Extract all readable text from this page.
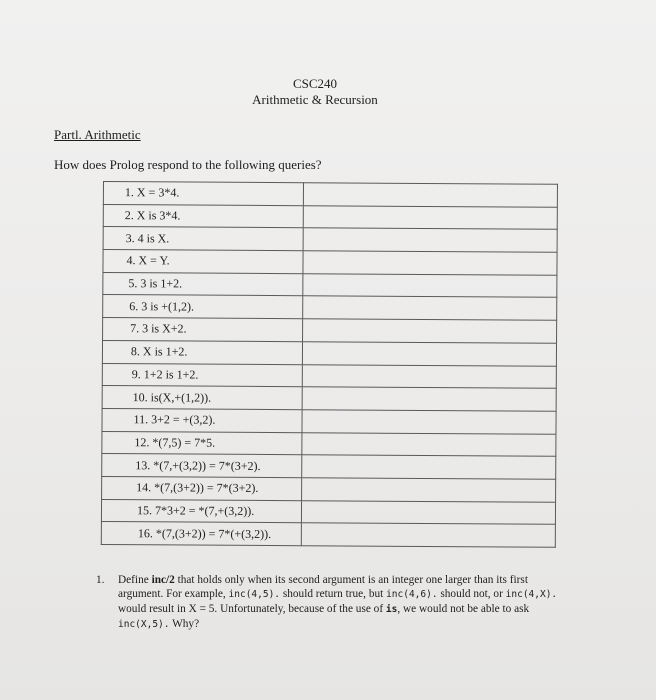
CSC240
Arithmetic & Recursion
Partl. Arithmetic
How does Prolog respond to the following queries?
1. X = 3*4.	

2. X is 3*4.	

3. 4 is X.	

4. X = Y.	

5. 3 is 1+2.	

6. 3 is +(1,2).	

7. 3 is X+2.	

8. X is 1+2.	

9. 1+2 is 1+2.	

10. is(X,+(1,2)).	

11. 3+2 = +(3,2).	

12. *(7,5) = 7*5.	

13. *(7,+(3,2)) = 7*(3+2).	

14. *(7,(3+2)) = 7*(3+2).	

15. 7*3+2 = *(7,+(3,2)).	

16. *(7,(3+2)) = 7*(+(3,2)).	

1. Define inc/2 that holds only when its second argument is an integer one larger than its first argument. For example, inc(4,5). should return true, but inc(4,6). should not, or inc(4,X). would result in X = 5. Unfortunately, because of the use of is, we would not be able to ask inc(X,5). Why?
